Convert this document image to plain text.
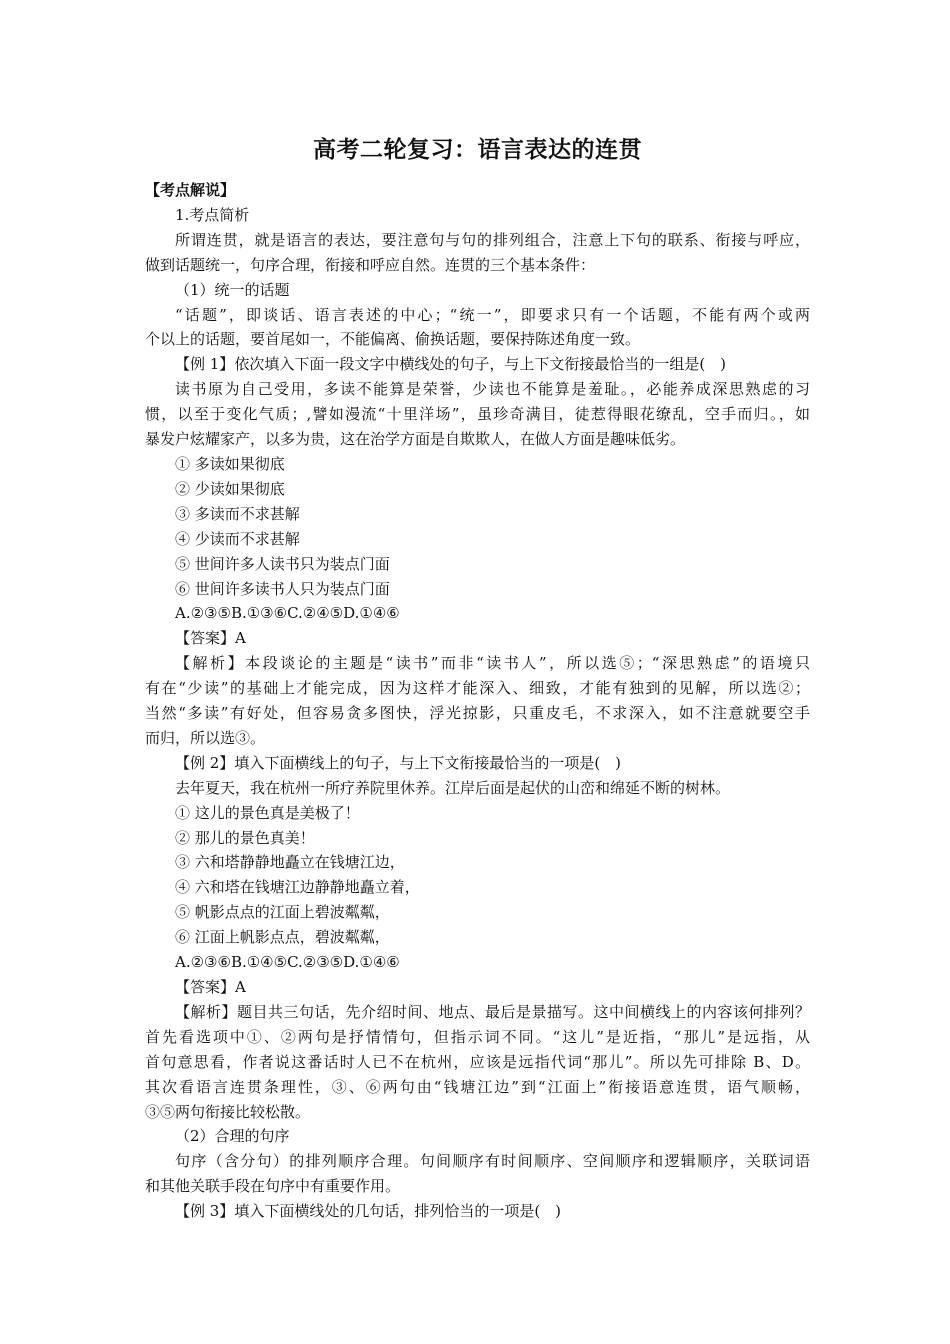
高考二轮复习：语言表达的连贯

【考点解说】

1.考点简析

所谓连贯，就是语言的表达，要注意句与句的排列组合，注意上下句的联系、衔接与呼应，

做到话题统一，句序合理，衔接和呼应自然。连贯的三个基本条件：

（1）统一的话题

“话题”，即谈话、语言表述的中心；“统一”，即要求只有一个话题，不能有两个或两

个以上的话题，要首尾如一，不能偏离、偷换话题，要保持陈述角度一致。

【例 1】依次填入下面一段文字中横线处的句子，与上下文衔接最恰当的一组是(　)

读书原为自己受用，多读不能算是荣誉，少读也不能算是羞耻。，必能养成深思熟虑的习

惯，以至于变化气质；,譬如漫流“十里洋场”，虽珍奇满目，徒惹得眼花缭乱，空手而归。，如

暴发户炫耀家产，以多为贵，这在治学方面是自欺欺人，在做人方面是趣味低劣。

① 多读如果彻底

② 少读如果彻底

③ 多读而不求甚解

④ 少读而不求甚解

⑤ 世间许多人读书只为装点门面

⑥ 世间许多读书人只为装点门面

A.②③⑤B.①③⑥C.②④⑤D.①④⑥

【答案】A

【解析】本段谈论的主题是“读书”而非“读书人”，所以选⑤；“深思熟虑”的语境只

有在“少读”的基础上才能完成，因为这样才能深入、细致，才能有独到的见解，所以选②；

当然“多读”有好处，但容易贪多图快，浮光掠影，只重皮毛，不求深入，如不注意就要空手

而归，所以选③。

【例 2】填入下面横线上的句子，与上下文衔接最恰当的一项是(　)

去年夏天，我在杭州一所疗养院里休养。江岸后面是起伏的山峦和绵延不断的树林。

① 这儿的景色真是美极了！

② 那儿的景色真美！

③ 六和塔静静地矗立在钱塘江边，

④ 六和塔在钱塘江边静静地矗立着，

⑤ 帆影点点的江面上碧波粼粼，

⑥ 江面上帆影点点，碧波粼粼，

A.②③⑥B.①④⑤C.②③⑤D.①④⑥

【答案】A

【解析】题目共三句话，先介绍时间、地点、最后是景描写。这中间横线上的内容该何排列？

首先看选项中①、②两句是抒情情句，但指示词不同。“这儿”是近指，“那儿”是远指，从

首句意思看，作者说这番话时人已不在杭州，应该是远指代词“那儿”。所以先可排除 B、D。

其次看语言连贯条理性，③、⑥两句由“钱塘江边”到“江面上”衔接语意连贯，语气顺畅，

③⑤两句衔接比较松散。

（2）合理的句序

句序（含分句）的排列顺序合理。句间顺序有时间顺序、空间顺序和逻辑顺序，关联词语

和其他关联手段在句序中有重要作用。

【例 3】填入下面横线处的几句话，排列恰当的一项是(　)
